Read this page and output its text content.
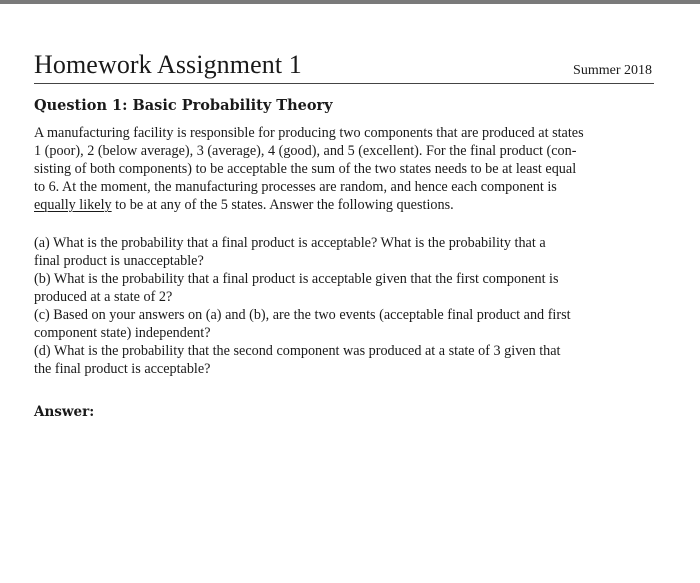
Homework Assignment 1	Summer 2018
Question 1: Basic Probability Theory
A manufacturing facility is responsible for producing two components that are produced at states
1 (poor), 2 (below average), 3 (average), 4 (good), and 5 (excellent). For the final product (con-
sisting of both components) to be acceptable the sum of the two states needs to be at least equal
to 6. At the moment, the manufacturing processes are random, and hence each component is
equally likely to be at any of the 5 states. Answer the following questions.
(a) What is the probability that a final product is acceptable? What is the probability that a
final product is unacceptable?
(b) What is the probability that a final product is acceptable given that the first component is
produced at a state of 2?
(c) Based on your answers on (a) and (b), are the two events (acceptable final product and first
component state) independent?
(d) What is the probability that the second component was produced at a state of 3 given that
the final product is acceptable?
Answer:
